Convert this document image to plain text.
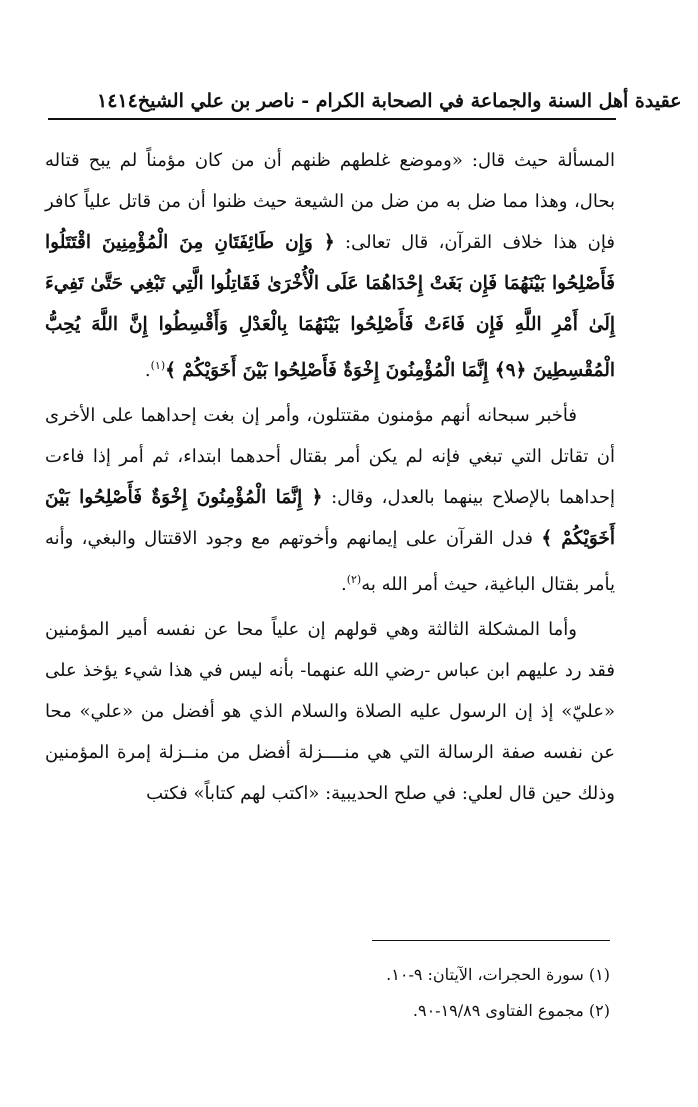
١٤١٤ عقيدة أهل السنة والجماعة في الصحابة الكرام - ناصر بن علي الشيخ

المسألة حيث قال: «وموضع غلطهم ظنهم أن من كان مؤمناً لم يبح قتاله بحال، وهذا مما ضل به من ضل من الشيعة حيث ظنوا أن من قاتل علياً كافر فإن هذا خلاف القرآن، قال تعالى: ﴿ وَإِن طَائِفَتَانِ مِنَ الْمُؤْمِنِينَ اقْتَتَلُوا فَأَصْلِحُوا بَيْنَهُمَا فَإِن بَغَتْ إِحْدَاهُمَا عَلَى الْأُخْرَىٰ فَقَاتِلُوا الَّتِي تَبْغِي حَتَّىٰ تَفِيءَ إِلَىٰ أَمْرِ اللَّهِ فَإِن فَاءَتْ فَأَصْلِحُوا بَيْنَهُمَا بِالْعَدْلِ وَأَقْسِطُوا إِنَّ اللَّهَ يُحِبُّ الْمُقْسِطِينَ ﴿٩﴾ إِنَّمَا الْمُؤْمِنُونَ إِخْوَةٌ فَأَصْلِحُوا بَيْنَ أَخَوَيْكُمْ ﴾$^{(١)}$.

فأخبر سبحانه أنهم مؤمنون مقتتلون، وأمر إن بغت إحداهما على الأخرى أن تقاتل التي تبغي فإنه لم يكن أمر بقتال أحدهما ابتداء، ثم أمر إذا فاءت إحداهما بالإصلاح بينهما بالعدل، وقال: ﴿ إِنَّمَا الْمُؤْمِنُونَ إِخْوَةٌ فَأَصْلِحُوا بَيْنَ أَخَوَيْكُمْ ﴾ فدل القرآن على إيمانهم وأخوتهم مع وجود الاقتتال والبغي، وأنه يأمر بقتال الباغية، حيث أمر الله به$^{(٢)}$.

وأما المشكلة الثالثة وهي قولهم إن علياً محا عن نفسه أمير المؤمنين فقد رد عليهم ابن عباس -رضي الله عنهما- بأنه ليس في هذا شيء يؤخذ على «عليّ» إذ إن الرسول عليه الصلاة والسلام الذي هو أفضل من «علي» محا عن نفسه صفة الرسالة التي هي منــــزلة أفضل من منــزلة إمرة المؤمنين وذلك حين قال لعلي: في صلح الحديبية: «اكتب لهم كتاباً» فكتب

(١) سورة الحجرات، الآيتان: ٩-١٠.
(٢) مجموع الفتاوى ١٩/٨٩-٩٠.
